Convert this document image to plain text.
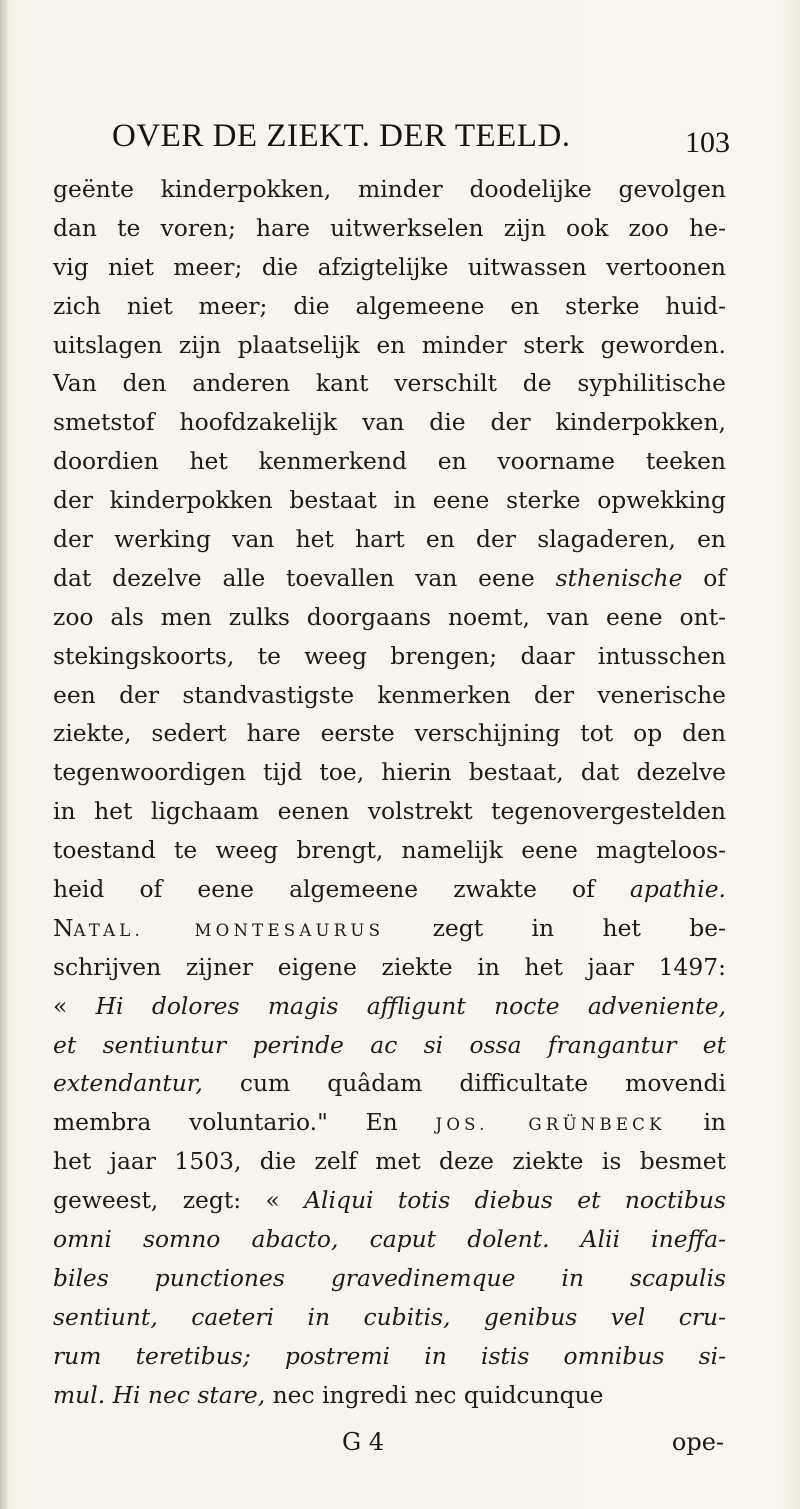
OVER DE ZIEKT. DER TEELD.	103
geënte kinderpokken, minder doodelijke gevolgen
dan te voren; hare uitwerkselen zijn ook zoo he-
vig niet meer; die afzigtelijke uitwassen vertoonen
zich niet meer; die algemeene en sterke huid-
uitslagen zijn plaatselijk en minder sterk geworden.
Van den anderen kant verschilt de syphilitische
smetstof hoofdzakelijk van die der kinderpokken,
doordien het kenmerkend en voorname teeken
der kinderpokken bestaat in eene sterke opwekking
der werking van het hart en der slagaderen, en
dat dezelve alle toevallen van eene sthenische of
zoo als men zulks doorgaans noemt, van eene ont-
stekingskoorts, te weeg brengen; daar intusschen
een der standvastigste kenmerken der venerische
ziekte, sedert hare eerste verschijning tot op den
tegenwoordigen tijd toe, hierin bestaat, dat dezelve
in het ligchaam eenen volstrekt tegenovergestelden
toestand te weeg brengt, namelijk eene magteloos-
heid of eene algemeene zwakte of apathie.
NATAL. MONTESAURUS zegt in het be-
schrijven zijner eigene ziekte in het jaar 1497:
« Hi dolores magis affligunt nocte adveniente,
et sentiuntur perinde ac si ossa frangantur et
extendantur, cum quâdam difficultate movendi
membra voluntario." En JOS. GRÜNBECK in
het jaar 1503, die zelf met deze ziekte is besmet
geweest, zegt: « Aliqui totis diebus et noctibus
omni somno abacto, caput dolent. Alii ineffa-
biles punctiones gravedinemque in scapulis
sentiunt, caeteri in cubitis, genibus vel cru-
rum teretibus; postremi in istis omnibus si-
mul. Hi nec stare, nec ingredi nec quidcunque
G 4	ope-
